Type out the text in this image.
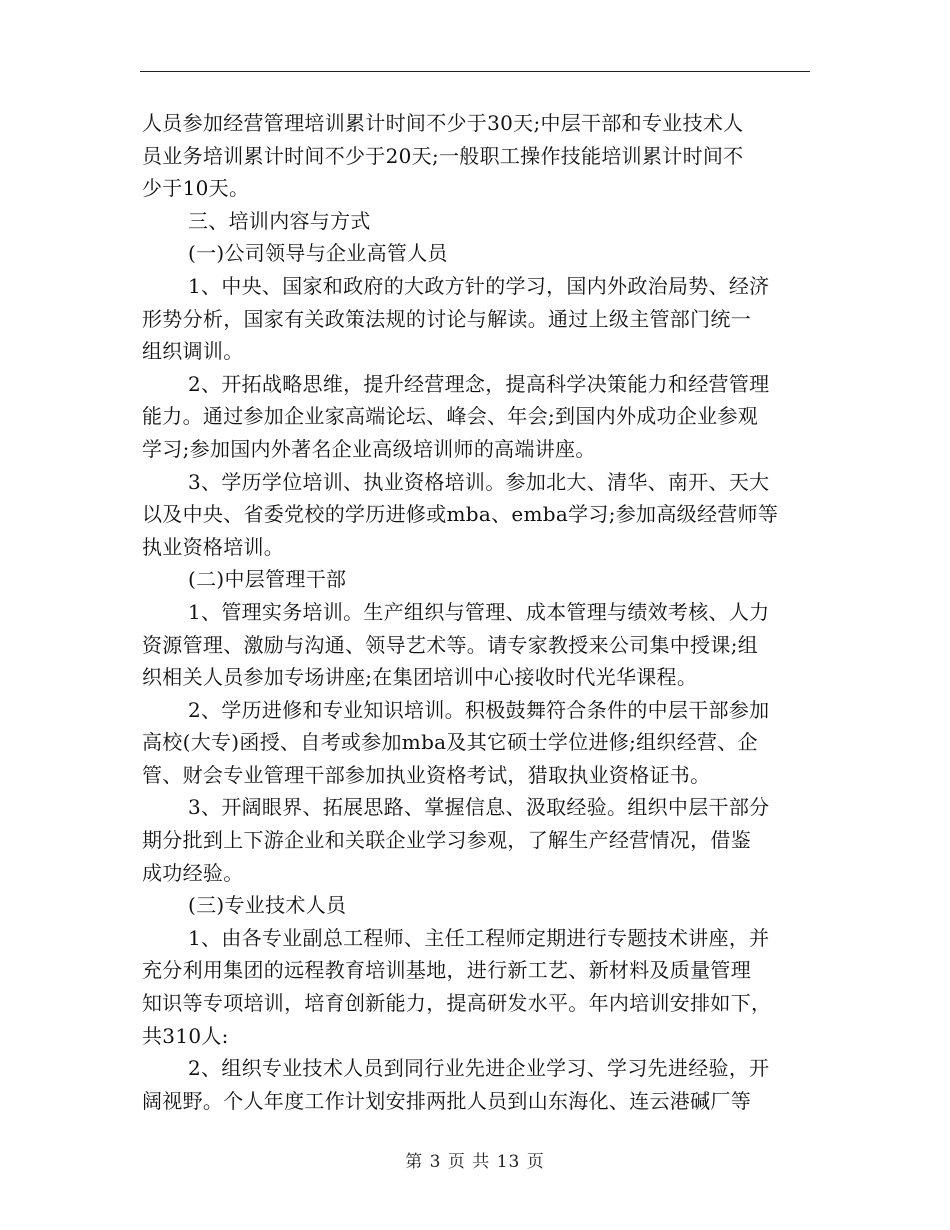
人员参加经营管理培训累计时间不少于30天;中层干部和专业技术人
员业务培训累计时间不少于20天;一般职工操作技能培训累计时间不
少于10天。
三、培训内容与方式
(一)公司领导与企业高管人员
1、中央、国家和政府的大政方针的学习，国内外政治局势、经济
形势分析，国家有关政策法规的讨论与解读。通过上级主管部门统一
组织调训。
2、开拓战略思维，提升经营理念，提高科学决策能力和经营管理
能力。通过参加企业家高端论坛、峰会、年会;到国内外成功企业参观
学习;参加国内外著名企业高级培训师的高端讲座。
3、学历学位培训、执业资格培训。参加北大、清华、南开、天大
以及中央、省委党校的学历进修或mba、emba学习;参加高级经营师等
执业资格培训。
(二)中层管理干部
1、管理实务培训。生产组织与管理、成本管理与绩效考核、人力
资源管理、激励与沟通、领导艺术等。请专家教授来公司集中授课;组
织相关人员参加专场讲座;在集团培训中心接收时代光华课程。
2、学历进修和专业知识培训。积极鼓舞符合条件的中层干部参加
高校(大专)函授、自考或参加mba及其它硕士学位进修;组织经营、企
管、财会专业管理干部参加执业资格考试，猎取执业资格证书。
3、开阔眼界、拓展思路、掌握信息、汲取经验。组织中层干部分
期分批到上下游企业和关联企业学习参观，了解生产经营情况，借鉴
成功经验。
(三)专业技术人员
1、由各专业副总工程师、主任工程师定期进行专题技术讲座，并
充分利用集团的远程教育培训基地，进行新工艺、新材料及质量管理
知识等专项培训，培育创新能力，提高研发水平。年内培训安排如下，
共310人:
2、组织专业技术人员到同行业先进企业学习、学习先进经验，开
阔视野。个人年度工作计划安排两批人员到山东海化、连云港碱厂等
第 3 页 共 13 页
